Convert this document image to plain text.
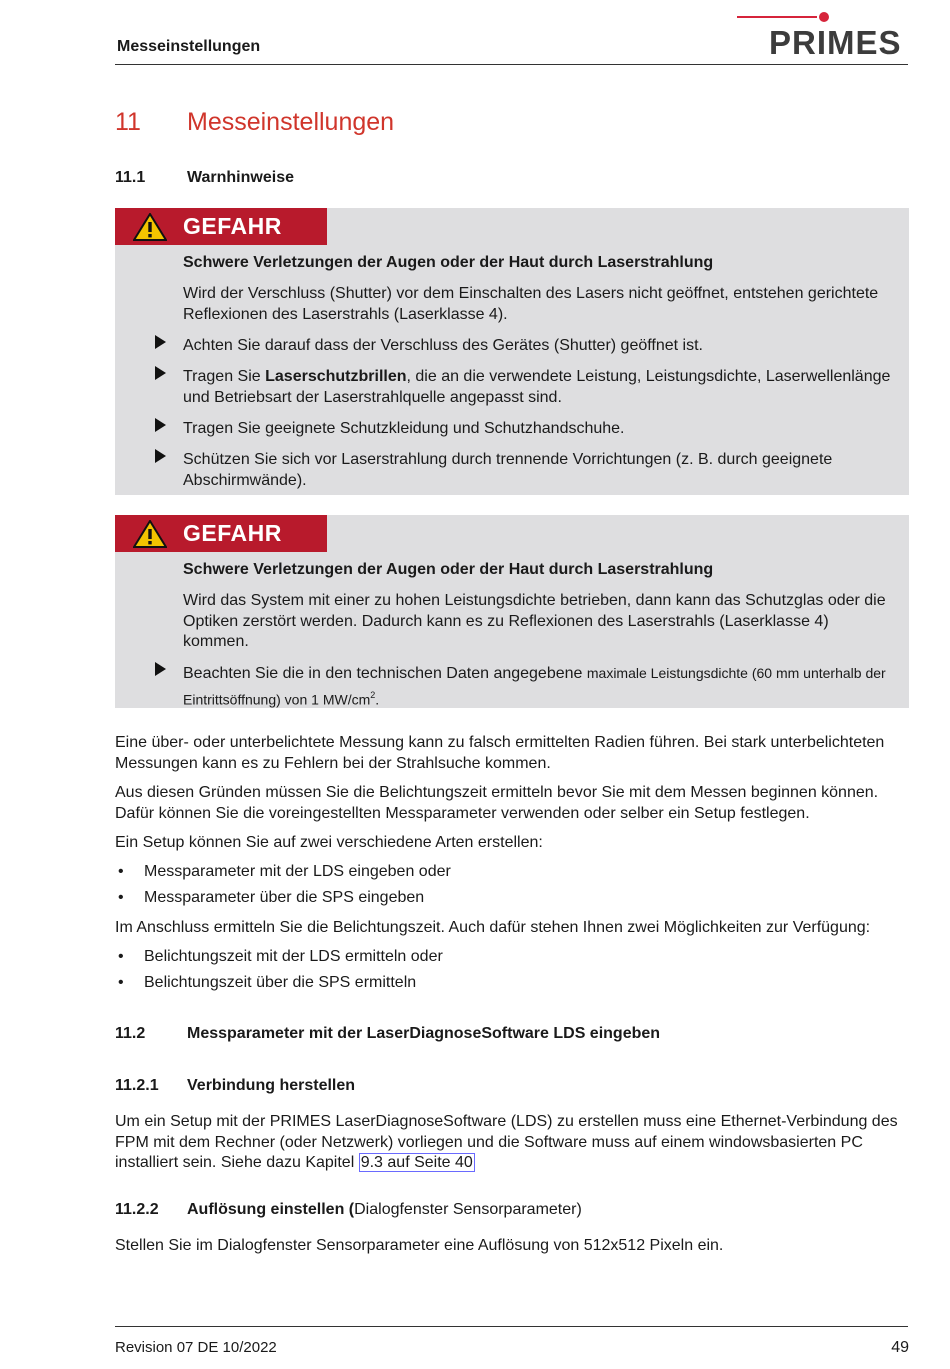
Messeinstellungen	PRIMES
11 Messeinstellungen
11.1	Warnhinweise
GEFAHR
Schwere Verletzungen der Augen oder der Haut durch Laserstrahlung
Wird der Verschluss (Shutter) vor dem Einschalten des Lasers nicht geöffnet, entstehen gerichtete Reflexionen des Laserstrahls (Laserklasse 4).
Achten Sie darauf dass der Verschluss des Gerätes (Shutter) geöffnet ist.
Tragen Sie Laserschutzbrillen, die an die verwendete Leistung, Leistungsdichte, Laserwellenlänge und Betriebsart der Laserstrahlquelle angepasst sind.
Tragen Sie geeignete Schutzkleidung und Schutzhandschuhe.
Schützen Sie sich vor Laserstrahlung durch trennende Vorrichtungen (z. B. durch geeignete Abschirmwände).
GEFAHR
Schwere Verletzungen der Augen oder der Haut durch Laserstrahlung
Wird das System mit einer zu hohen Leistungsdichte betrieben, dann kann das Schutzglas oder die Optiken zerstört werden. Dadurch kann es zu Reflexionen des Laserstrahls (Laserklasse 4) kommen.
Beachten Sie die in den technischen Daten angegebene maximale Leistungsdichte (60 mm unterhalb der Eintrittsöffnung) von 1 $MW/cm^2$.
Eine über- oder unterbelichtete Messung kann zu falsch ermittelten Radien führen. Bei stark unterbelichteten Messungen kann es zu Fehlern bei der Strahlsuche kommen.
Aus diesen Gründen müssen Sie die Belichtungszeit ermitteln bevor Sie mit dem Messen beginnen können. Dafür können Sie die voreingestellten Messparameter verwenden oder selber ein Setup festlegen.
Ein Setup können Sie auf zwei verschiedene Arten erstellen:
• Messparameter mit der LDS eingeben oder
• Messparameter über die SPS eingeben
Im Anschluss ermitteln Sie die Belichtungszeit. Auch dafür stehen Ihnen zwei Möglichkeiten zur Verfügung:
• Belichtungszeit mit der LDS ermitteln oder
• Belichtungszeit über die SPS ermitteln
11.2	Messparameter mit der LaserDiagnoseSoftware LDS eingeben
11.2.1 Verbindung herstellen
Um ein Setup mit der PRIMES LaserDiagnoseSoftware (LDS) zu erstellen muss eine Ethernet-Verbindung des FPM mit dem Rechner (oder Netzwerk) vorliegen und die Software muss auf einem windowsbasierten PC installiert sein. Siehe dazu Kapitel 9.3 auf Seite 40
11.2.2 Auflösung einstellen (Dialogfenster Sensorparameter)
Stellen Sie im Dialogfenster Sensorparameter eine Auflösung von 512x512 Pixeln ein.
Revision 07 DE 10/2022	49
